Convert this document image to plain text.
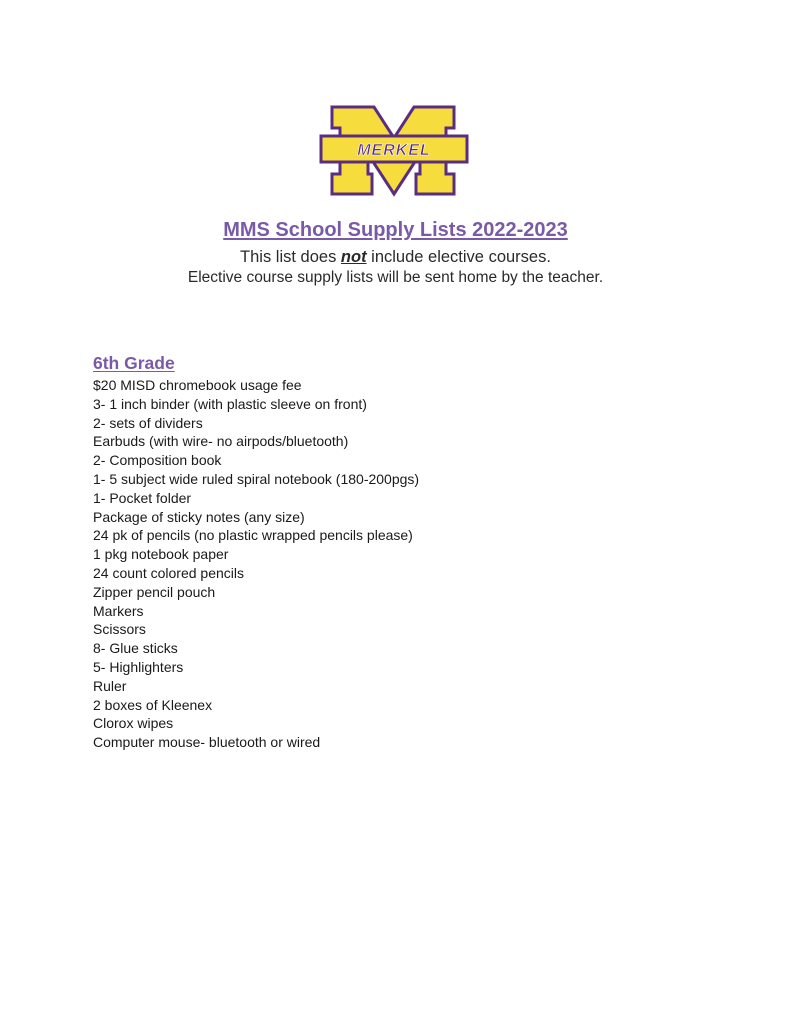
MERKEL
MMS School Supply Lists 2022-2023
This list does not include elective courses.
Elective course supply lists will be sent home by the teacher.
6th Grade
$20 MISD chromebook usage fee
3- 1 inch binder (with plastic sleeve on front)
2- sets of dividers
Earbuds (with wire- no airpods/bluetooth)
2- Composition book
1- 5 subject wide ruled spiral notebook (180-200pgs)
1- Pocket folder
Package of sticky notes (any size)
24 pk of pencils (no plastic wrapped pencils please)
1 pkg notebook paper
24 count colored pencils
Zipper pencil pouch
Markers
Scissors
8- Glue sticks
5- Highlighters
Ruler
2 boxes of Kleenex
Clorox wipes
Computer mouse- bluetooth or wired
